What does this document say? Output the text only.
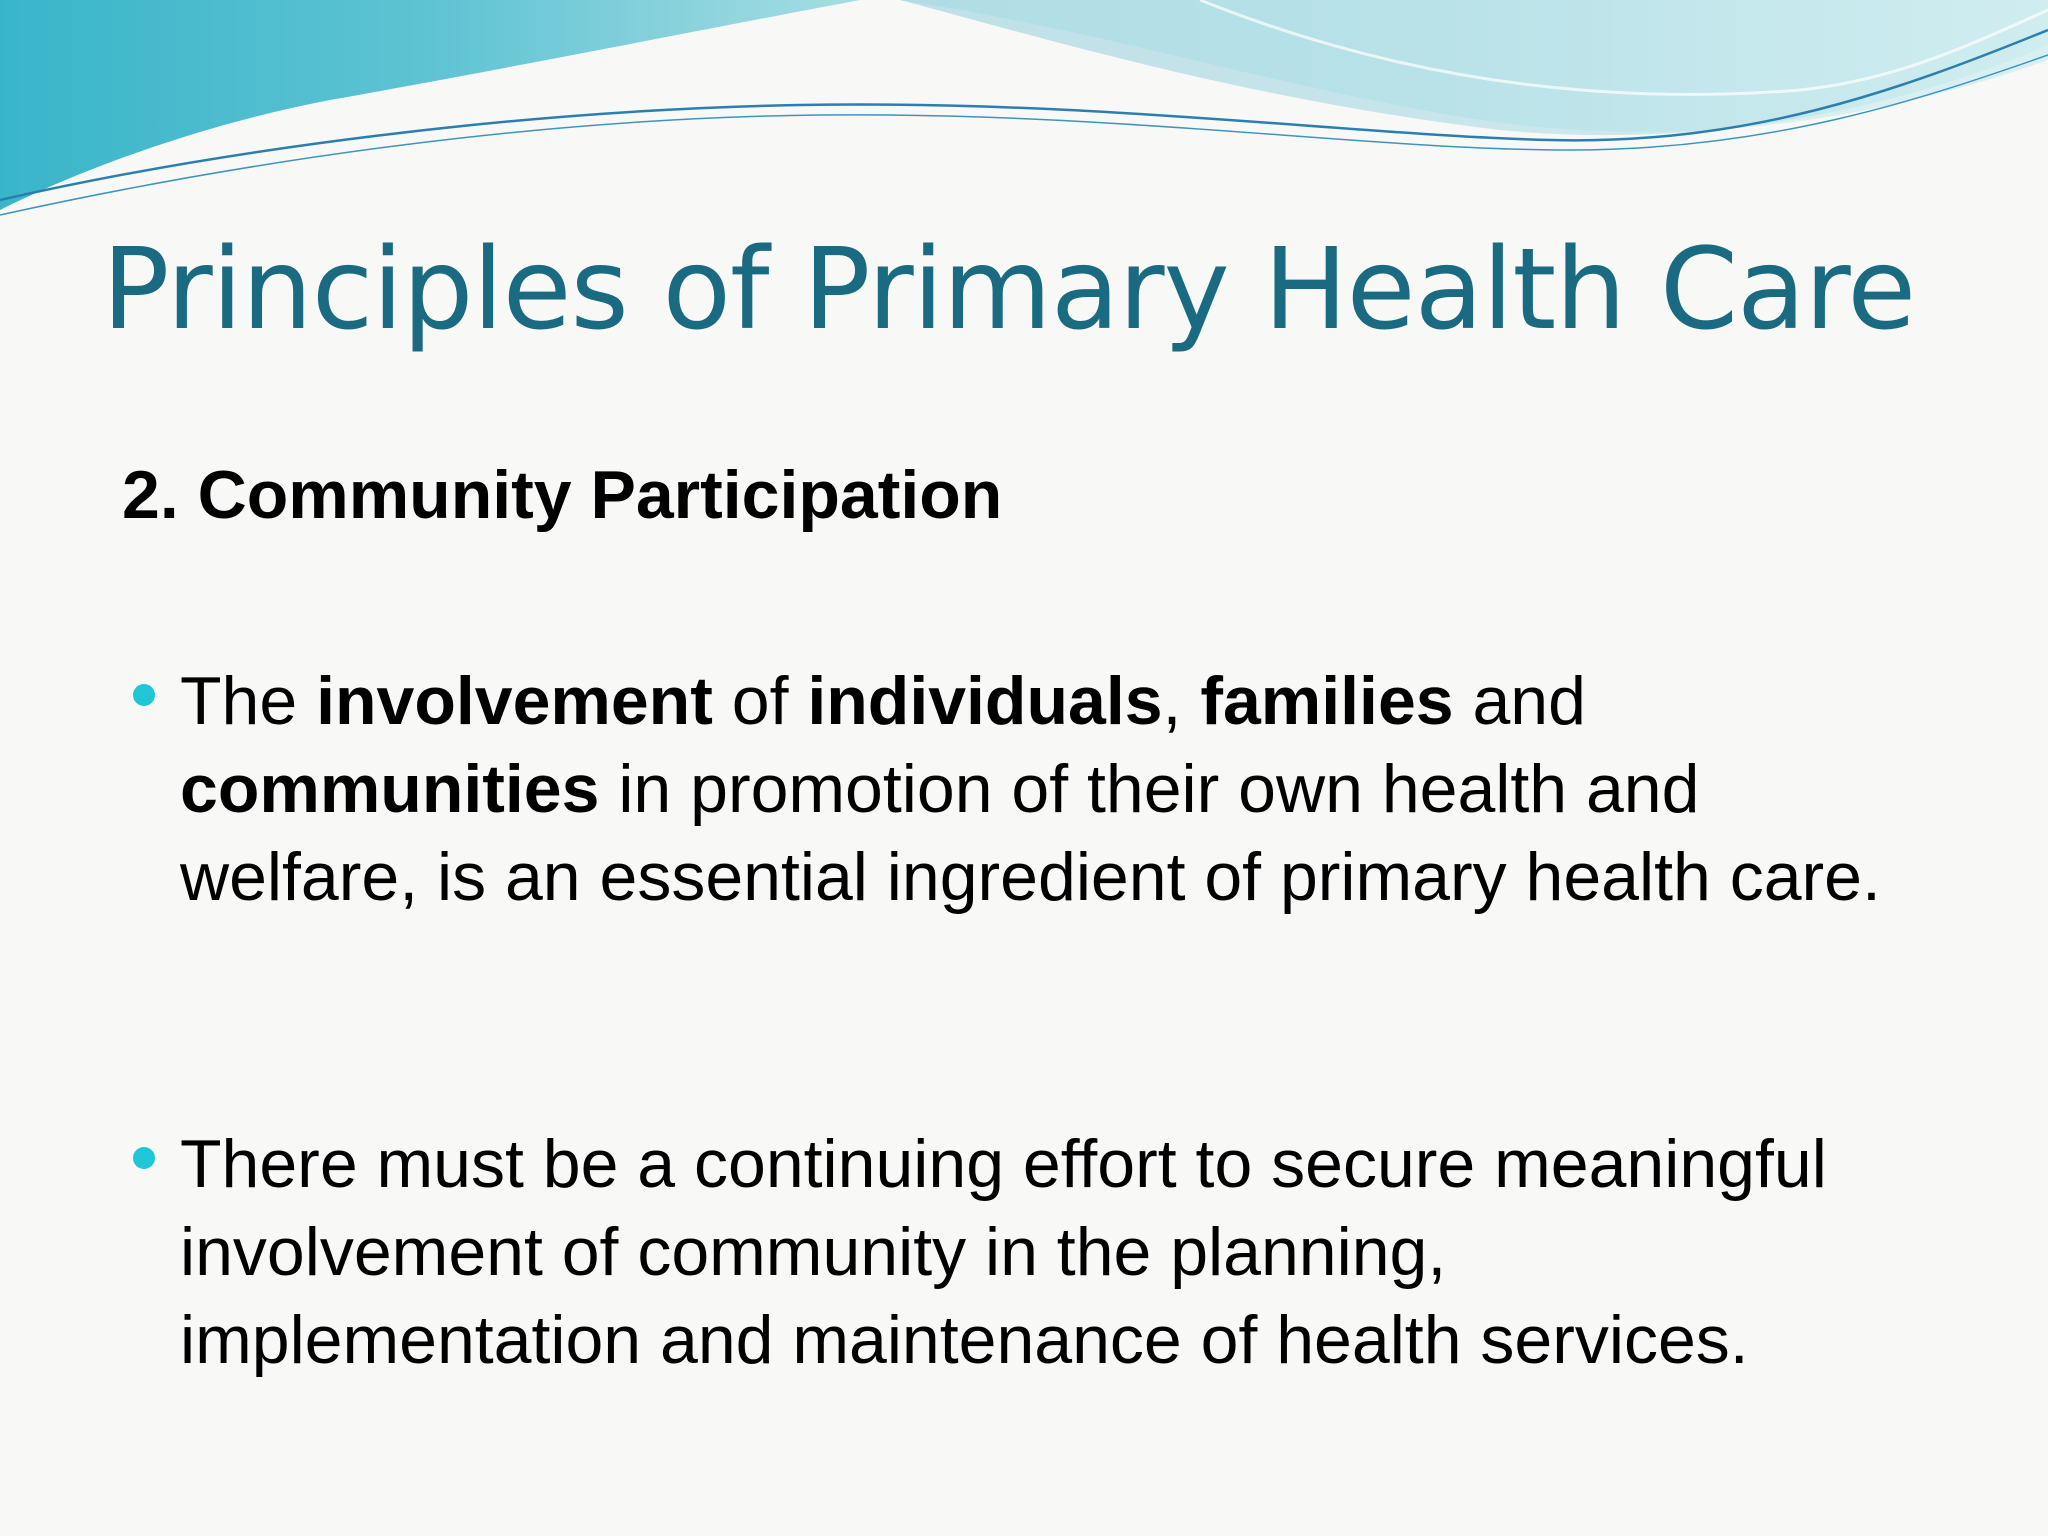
Principles of Primary Health Care
2. Community Participation
The involvement of individuals, families and communities in promotion of their own health and welfare, is an essential ingredient of primary health care.
There must be a continuing effort to secure meaningful involvement of community in the planning, implementation and maintenance of health services.
